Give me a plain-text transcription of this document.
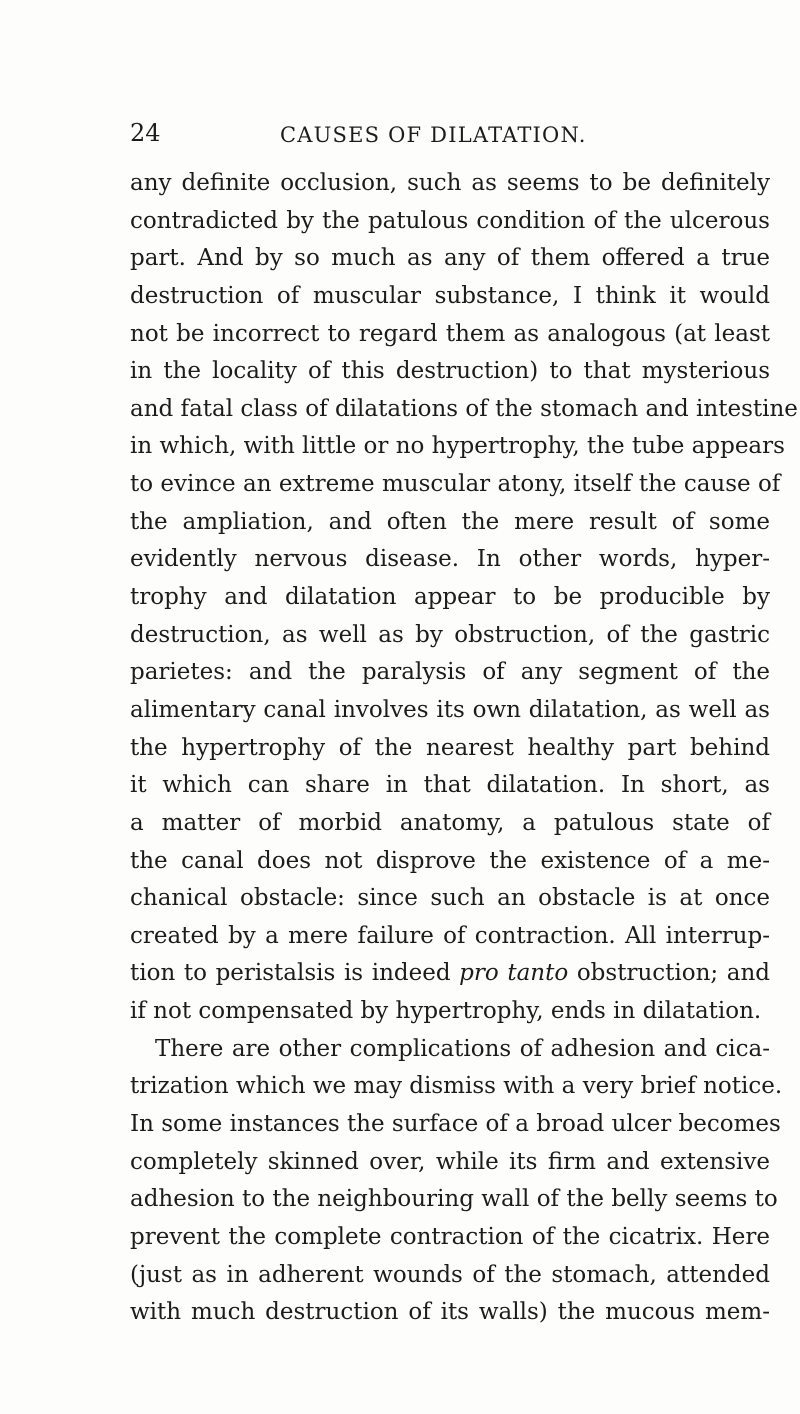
24	CAUSES OF DILATATION.
any definite occlusion, such as seems to be definitely
contradicted by the patulous condition of the ulcerous
part. And by so much as any of them offered a true
destruction of muscular substance, I think it would
not be incorrect to regard them as analogous (at least
in the locality of this destruction) to that mysterious
and fatal class of dilatations of the stomach and intestine
in which, with little or no hypertrophy, the tube appears
to evince an extreme muscular atony, itself the cause of
the ampliation, and often the mere result of some
evidently nervous disease. In other words, hyper-
trophy and dilatation appear to be producible by
destruction, as well as by obstruction, of the gastric
parietes: and the paralysis of any segment of the
alimentary canal involves its own dilatation, as well as
the hypertrophy of the nearest healthy part behind
it which can share in that dilatation. In short, as
a matter of morbid anatomy, a patulous state of
the canal does not disprove the existence of a me-
chanical obstacle: since such an obstacle is at once
created by a mere failure of contraction. All interrup-
tion to peristalsis is indeed pro tanto obstruction; and
if not compensated by hypertrophy, ends in dilatation.
There are other complications of adhesion and cica-
trization which we may dismiss with a very brief notice.
In some instances the surface of a broad ulcer becomes
completely skinned over, while its firm and extensive
adhesion to the neighbouring wall of the belly seems to
prevent the complete contraction of the cicatrix. Here
(just as in adherent wounds of the stomach, attended
with much destruction of its walls) the mucous mem-
